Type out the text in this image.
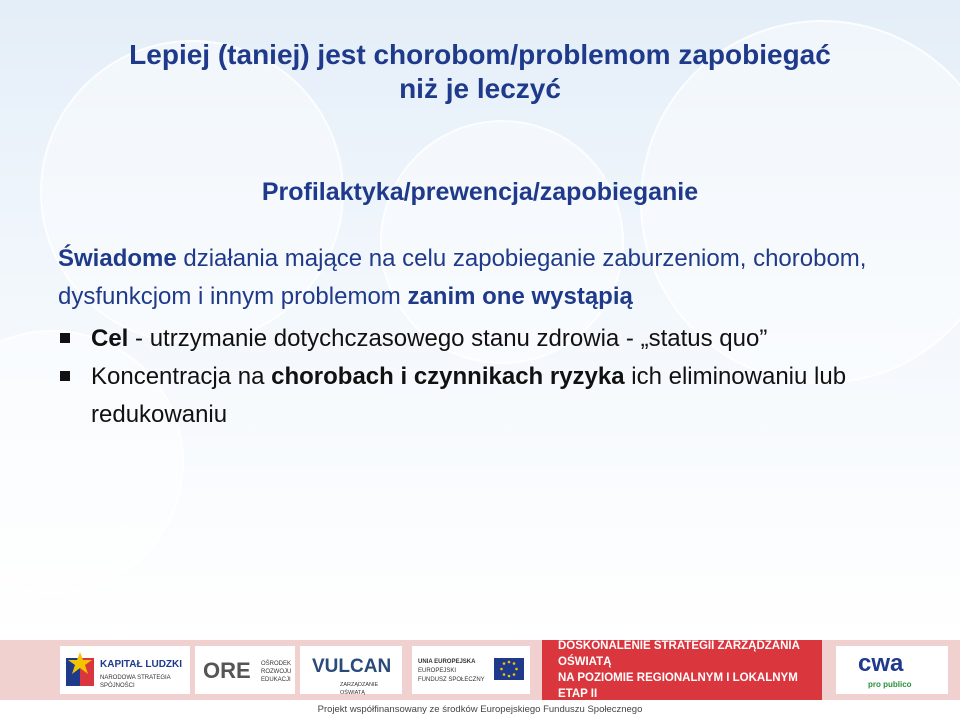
Lepiej (taniej) jest chorobom/problemom zapobiegać
niż je leczyć
Profilaktyka/prewencja/zapobieganie

Świadome działania mające na celu zapobieganie zaburzeniom, chorobom, dysfunkcjom i innym problemom zanim one wystąpią

Cel - utrzymanie dotychczasowego stanu zdrowia - „status quo”
Koncentracja na chorobach i czynnikach ryzyka ich eliminowaniu lub redukowaniu
KAPITAŁ LUDZKI
NARODOWA STRATEGIA SPÓJNOŚCI
ORE OŚRODEK
ROZWOJU
EDUKACJI
VULCAN
ZARZĄDZANIE OŚWIATĄ
UNIA EUROPEJSKA
EUROPEJSKI
FUNDUSZ SPOŁECZNY
DOSKONALENIE STRATEGII ZARZĄDZANIA OŚWIATĄ
NA POZIOMIE REGIONALNYM I LOKALNYM ETAP II
cwa
pro publico
Projekt współfinansowany ze środków Europejskiego Funduszu Społecznego
